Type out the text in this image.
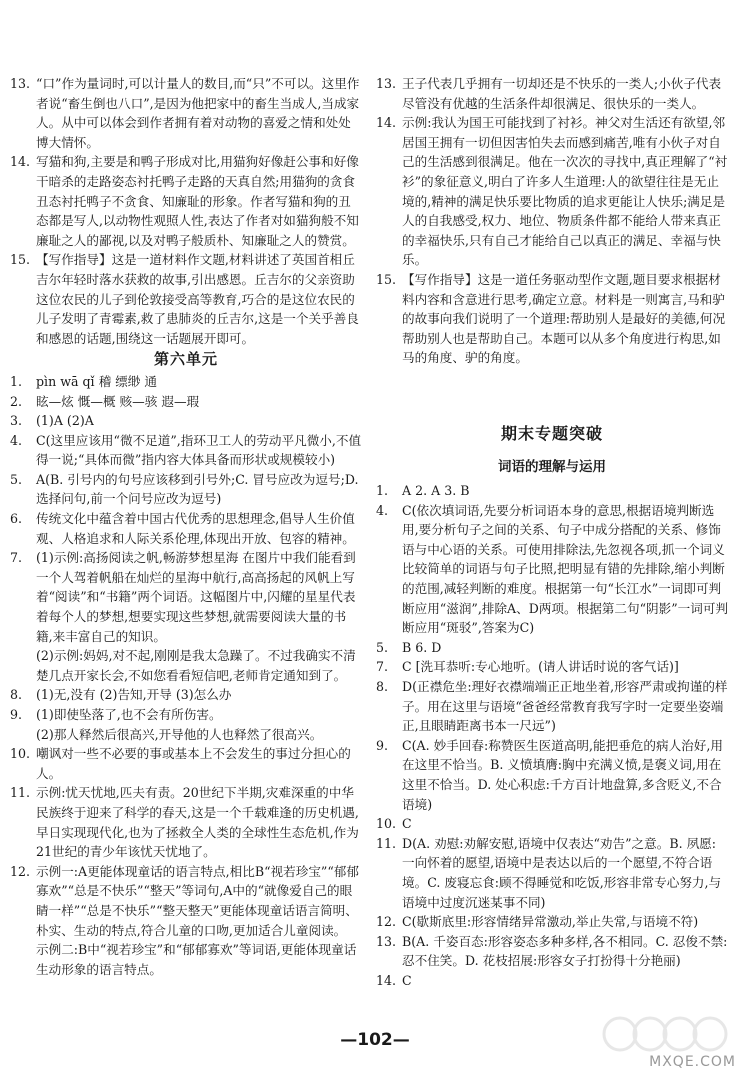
13. “口”作为量词时,可以计量人的数目,而“只”不可以。这里作者说“畜生倒也八口”,是因为他把家中的畜生当成人,当成家人。从中可以体会到作者拥有着对动物的喜爱之情和处处博大情怀。
14. 写猫和狗,主要是和鸭子形成对比,用猫狗好像赶公事和好像干暗杀的走路姿态衬托鸭子走路的天真自然;用猫狗的贪食丑态衬托鸭子不贪食、知廉耻的形象。作者写猫和狗的丑态都是写人,以动物性观照人性,表达了作者对如猫狗般不知廉耻之人的鄙视,以及对鸭子般质朴、知廉耻之人的赞赏。
15. 【写作指导】这是一道材料作文题,材料讲述了英国首相丘吉尔年轻时落水获救的故事,引出感恩。丘吉尔的父亲资助这位农民的儿子到伦敦接受高等教育,巧合的是这位农民的儿子发明了青霉素,救了患肺炎的丘吉尔,这是一个关乎善良和感恩的话题,围绕这一话题展开即可。
第六单元
1. pìn wā qǐ 稽 缥缈 通
2. 眩—炫 慨—概 赅—骇 遐—瑕
3. (1)A (2)A
4. C(这里应该用“微不足道”,指环卫工人的劳动平凡微小,不值得一说;“具体而微”指内容大体具备而形状或规模较小)
5. A(B. 引号内的句号应该移到引号外;C. 冒号应改为逗号;D. 选择问句,前一个问号应改为逗号)
6. 传统文化中蕴含着中国古代优秀的思想理念,倡导人生价值观、人格追求和人际关系伦理,体现出开放、包容的精神。
7. (1)示例:高扬阅读之帆,畅游梦想星海 在图片中我们能看到一个人驾着帆船在灿烂的星海中航行,高高扬起的风帆上写着“阅读”和“书籍”两个词语。这幅图片中,闪耀的星星代表着每个人的梦想,想要实现这些梦想,就需要阅读大量的书籍,来丰富自己的知识。
(2)示例:妈妈,对不起,刚刚是我太急躁了。不过我确实不清楚几点开家长会,不如您看看短信吧,老师肯定通知到了。
8. (1)无,没有 (2)告知,开导 (3)怎么办
9. (1)即使坠落了,也不会有所伤害。
(2)那人释然后很高兴,开导他的人也释然了很高兴。
10. 嘲讽对一些不必要的事或基本上不会发生的事过分担心的人。
11. 示例:忧天忧地,匹夫有责。20世纪下半期,灾难深重的中华民族终于迎来了科学的春天,这是一个千载难逢的历史机遇,早日实现现代化,也为了拯救全人类的全球性生态危机,作为21世纪的青少年该忧天忧地了。
12. 示例一:A更能体现童话的语言特点,相比B“视若珍宝”“郁郁寡欢”“总是不快乐”“整天”等词句,A中的“就像爱自己的眼睛一样”“总是不快乐”“整天整天”更能体现童话语言简明、朴实、生动的特点,符合儿童的口吻,更加适合儿童阅读。 示例二:B中“视若珍宝”和“郁郁寡欢”等词语,更能体现童话生动形象的语言特点。
13. 王子代表几乎拥有一切却还是不快乐的一类人;小伙子代表尽管没有优越的生活条件却很满足、很快乐的一类人。
14. 示例:我认为国王可能找到了衬衫。神父对生活还有欲望,邻居国王拥有一切但因害怕失去而感到痛苦,唯有小伙子对自己的生活感到很满足。他在一次次的寻找中,真正理解了“衬衫”的象征意义,明白了许多人生道理:人的欲望往往是无止境的,精神的满足快乐要比物质的追求更能让人快乐;满足是人的自我感受,权力、地位、物质条件都不能给人带来真正的幸福快乐,只有自己才能给自己以真正的满足、幸福与快乐。
15. 【写作指导】这是一道任务驱动型作文题,题目要求根据材料内容和含意进行思考,确定立意。材料是一则寓言,马和驴的故事向我们说明了一个道理:帮助别人是最好的美德,何况帮助别人也是帮助自己。本题可以从多个角度进行构思,如马的角度、驴的角度。
期末专题突破
词语的理解与运用
1. A 2. A 3. B
4. C(依次填词语,先要分析词语本身的意思,根据语境判断选用,要分析句子之间的关系、句子中成分搭配的关系、修饰语与中心语的关系。可使用排除法,先忽视各项,抓一个词义比较简单的词语与句子比照,把明显有错的先排除,缩小判断的范围,减轻判断的难度。根据第一句“长江水”一词即可判断应用“滋润”,排除A、D两项。根据第二句“阴影”一词可判断应用“斑驳”,答案为C)
5. B 6. D
7. C [洗耳恭听:专心地听。(请人讲话时说的客气话)]
8. D(正襟危坐:理好衣襟端端正正地坐着,形容严肃或拘谨的样子。用在这里与语境“爸爸经常教育我写字时一定要坐姿端正,且眼睛距离书本一尺远”)
9. C(A. 妙手回春:称赞医生医道高明,能把垂危的病人治好,用在这里不恰当。B. 义愤填膺:胸中充满义愤,是褒义词,用在这里不恰当。D. 处心积虑:千方百计地盘算,多含贬义,不合语境)
10. C
11. D(A. 劝慰:劝解安慰,语境中仅表达“劝告”之意。B. 夙愿:一向怀着的愿望,语境中是表达以后的一个愿望,不符合语境。C. 废寝忘食:顾不得睡觉和吃饭,形容非常专心努力,与语境中过度沉迷某事不同)
12. C(歇斯底里:形容情绪异常激动,举止失常,与语境不符)
13. B(A. 千姿百态:形容姿态多种多样,各不相同。C. 忍俊不禁:忍不住笑。D. 花枝招展:形容女子打扮得十分艳丽)
14. C
—102—
MXQE.COM
